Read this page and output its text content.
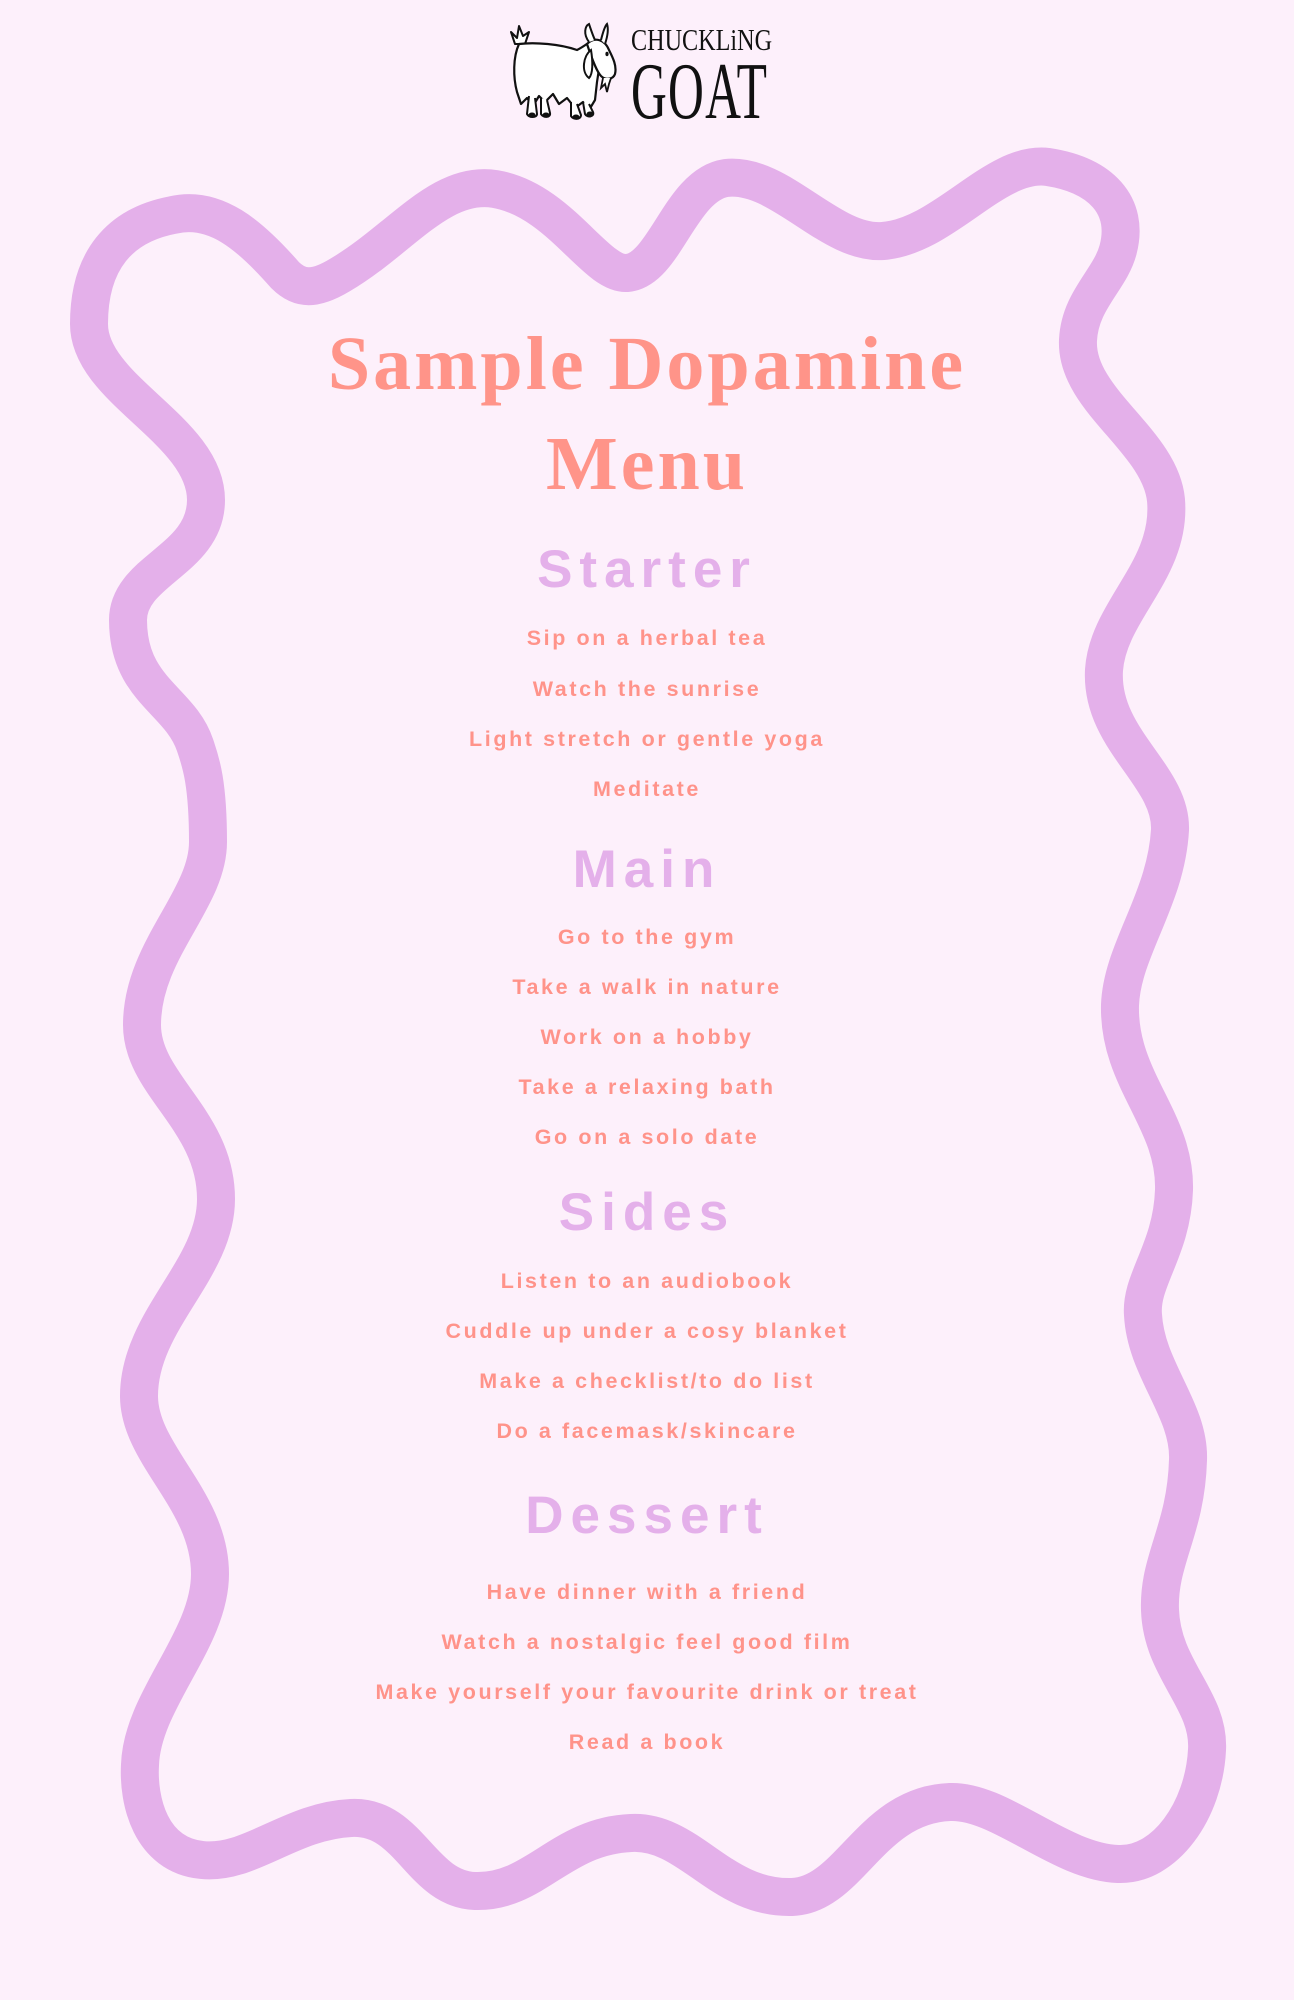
CHUCKLiNG
GOAT
Sample Dopamine
Menu
Starter
Sip on a herbal tea
Watch the sunrise
Light stretch or gentle yoga
Meditate
Main
Go to the gym
Take a walk in nature
Work on a hobby
Take a relaxing bath
Go on a solo date
Sides
Listen to an audiobook
Cuddle up under a cosy blanket
Make a checklist/to do list
Do a facemask/skincare
Dessert
Have dinner with a friend
Watch a nostalgic feel good film
Make yourself your favourite drink or treat
Read a book
